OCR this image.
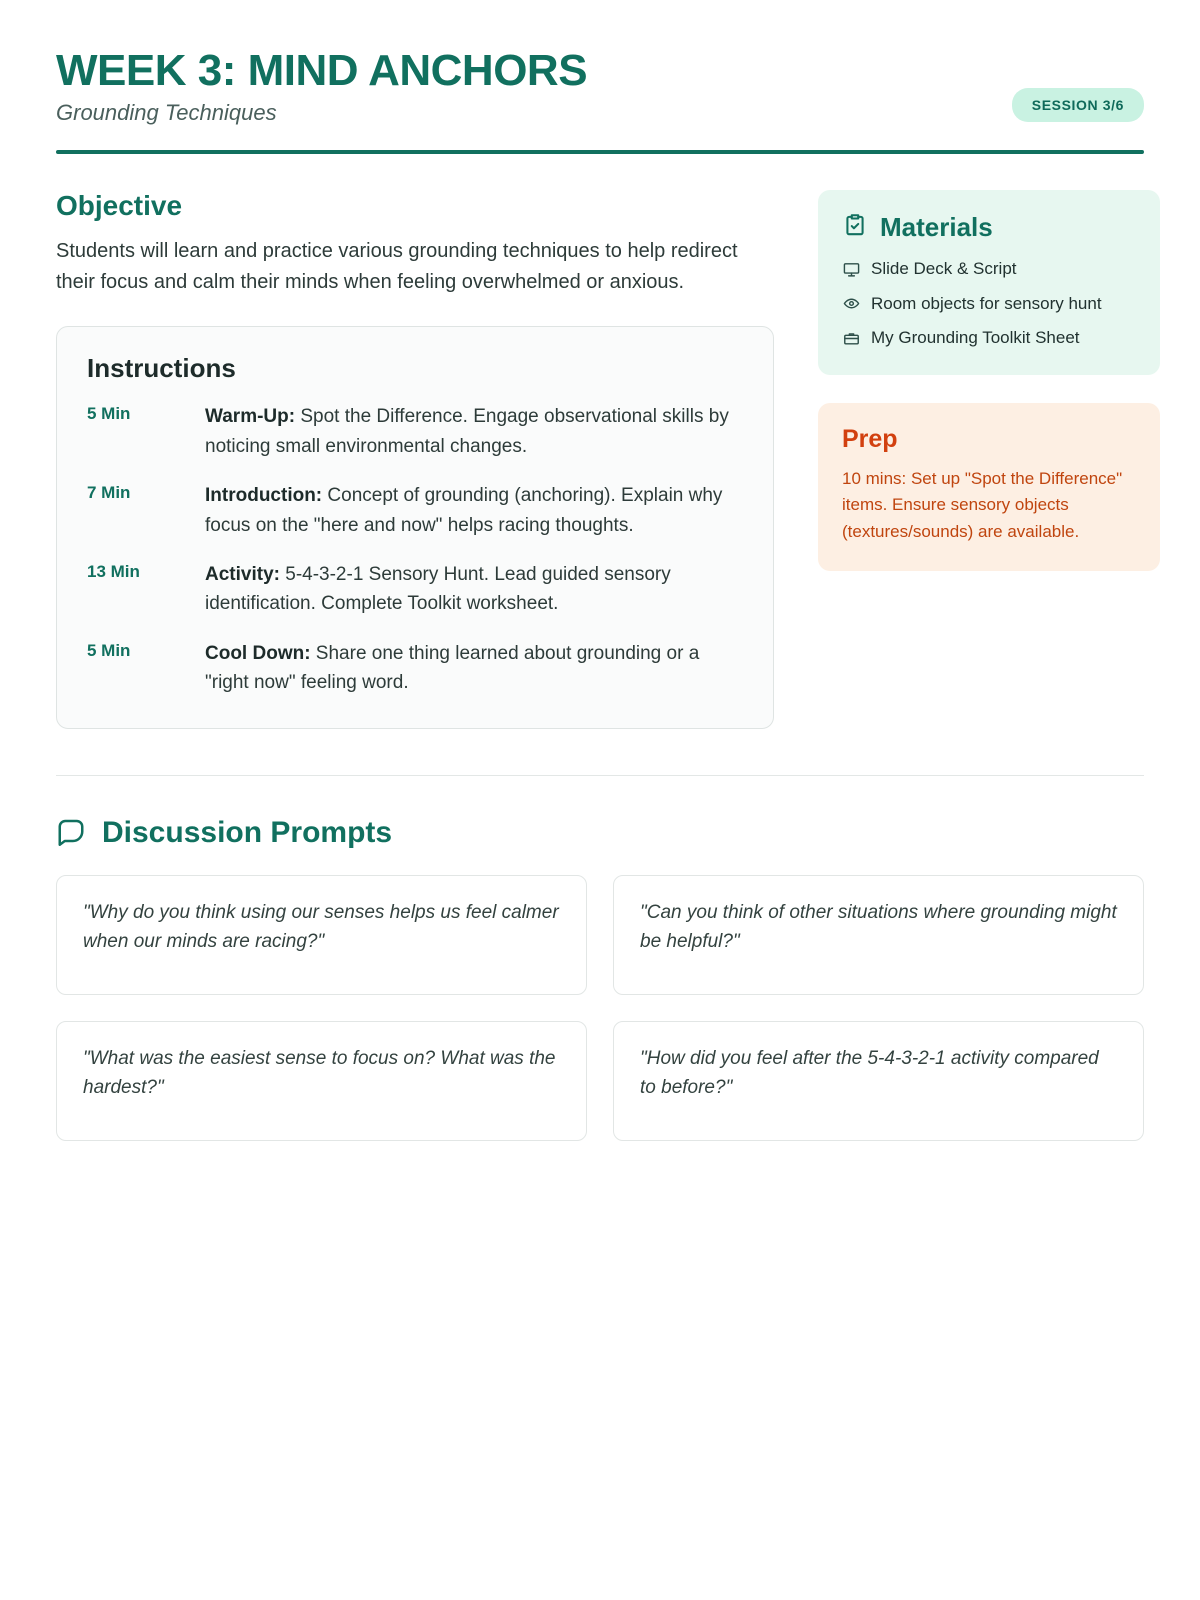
WEEK 3: MIND ANCHORS

Grounding Techniques	SESSION 3/6
Objective

Students will learn and practice various grounding techniques to help redirect their focus and calm their minds when feeling overwhelmed or anxious.

Instructions
5 Min	Warm-Up: Spot the Difference. Engage observational skills by noticing small environmental changes.
7 Min	Introduction: Concept of grounding (anchoring). Explain why focus on the "here and now" helps racing thoughts.
13 Min	Activity: 5-4-3-2-1 Sensory Hunt. Lead guided sensory identification. Complete Toolkit worksheet.
5 Min	Cool Down: Share one thing learned about grounding or a "right now" feeling word.
Materials
Slide Deck & Script
Room objects for sensory hunt
My Grounding Toolkit Sheet
Prep
10 mins: Set up "Spot the Difference" items. Ensure sensory objects (textures/sounds) are available.
Discussion Prompts
"Why do you think using our senses helps us feel calmer when our minds are racing?"
"Can you think of other situations where grounding might be helpful?"
"What was the easiest sense to focus on? What was the hardest?"
"How did you feel after the 5-4-3-2-1 activity compared to before?"
